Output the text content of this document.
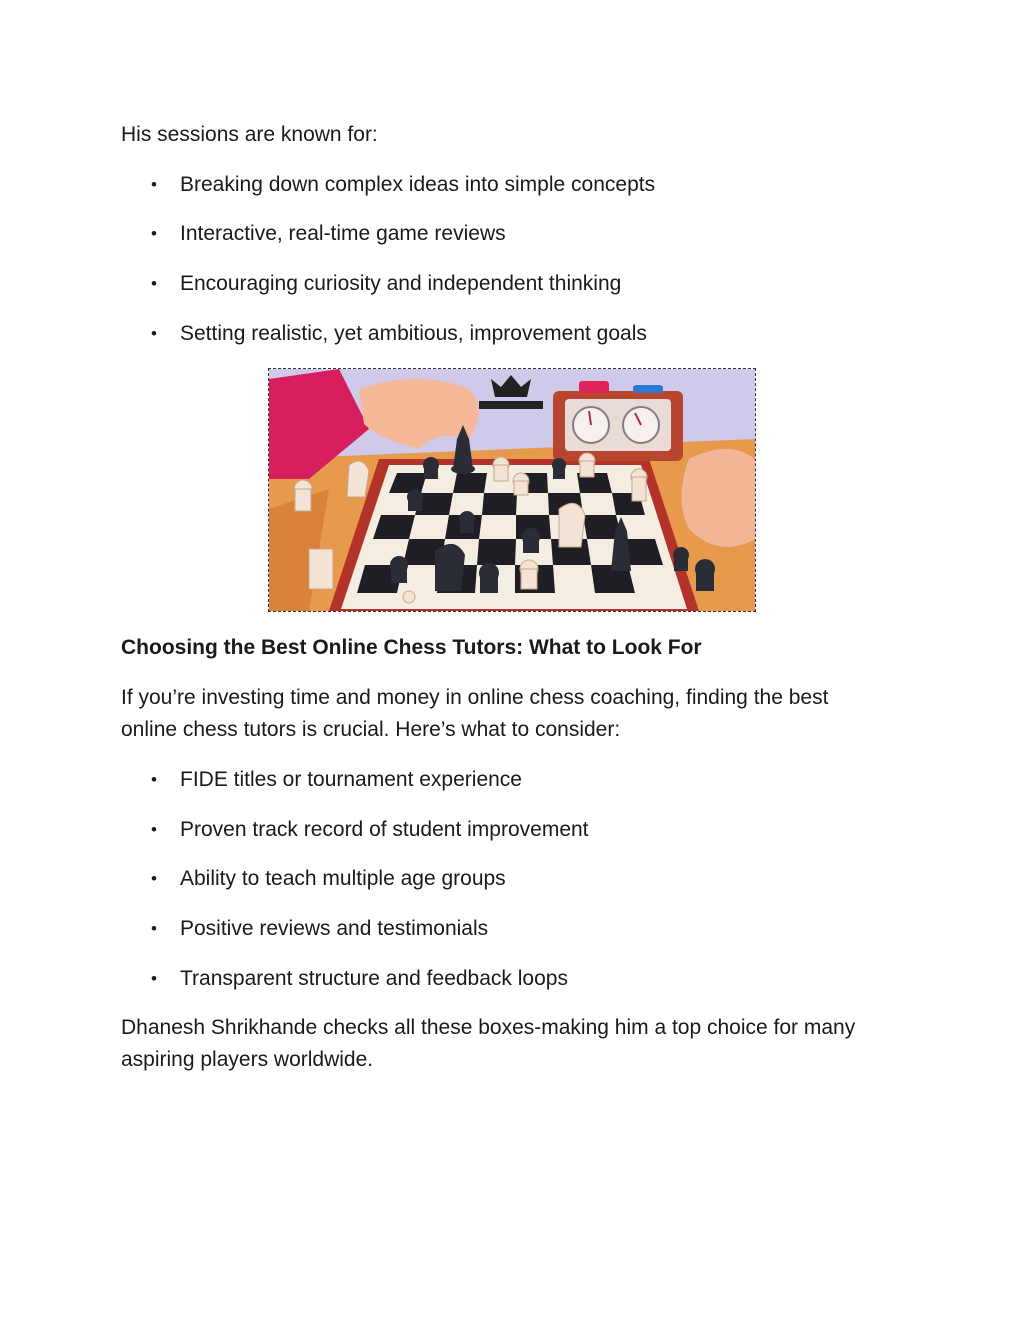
His sessions are known for:

• Breaking down complex ideas into simple concepts
• Interactive, real-time game reviews
• Encouraging curiosity and independent thinking
• Setting realistic, yet ambitious, improvement goals

Choosing the Best Online Chess Tutors: What to Look For

If you’re investing time and money in online chess coaching, finding the best online chess tutors is crucial. Here’s what to consider:

• FIDE titles or tournament experience
• Proven track record of student improvement
• Ability to teach multiple age groups
• Positive reviews and testimonials
• Transparent structure and feedback loops

Dhanesh Shrikhande checks all these boxes-making him a top choice for many aspiring players worldwide.
